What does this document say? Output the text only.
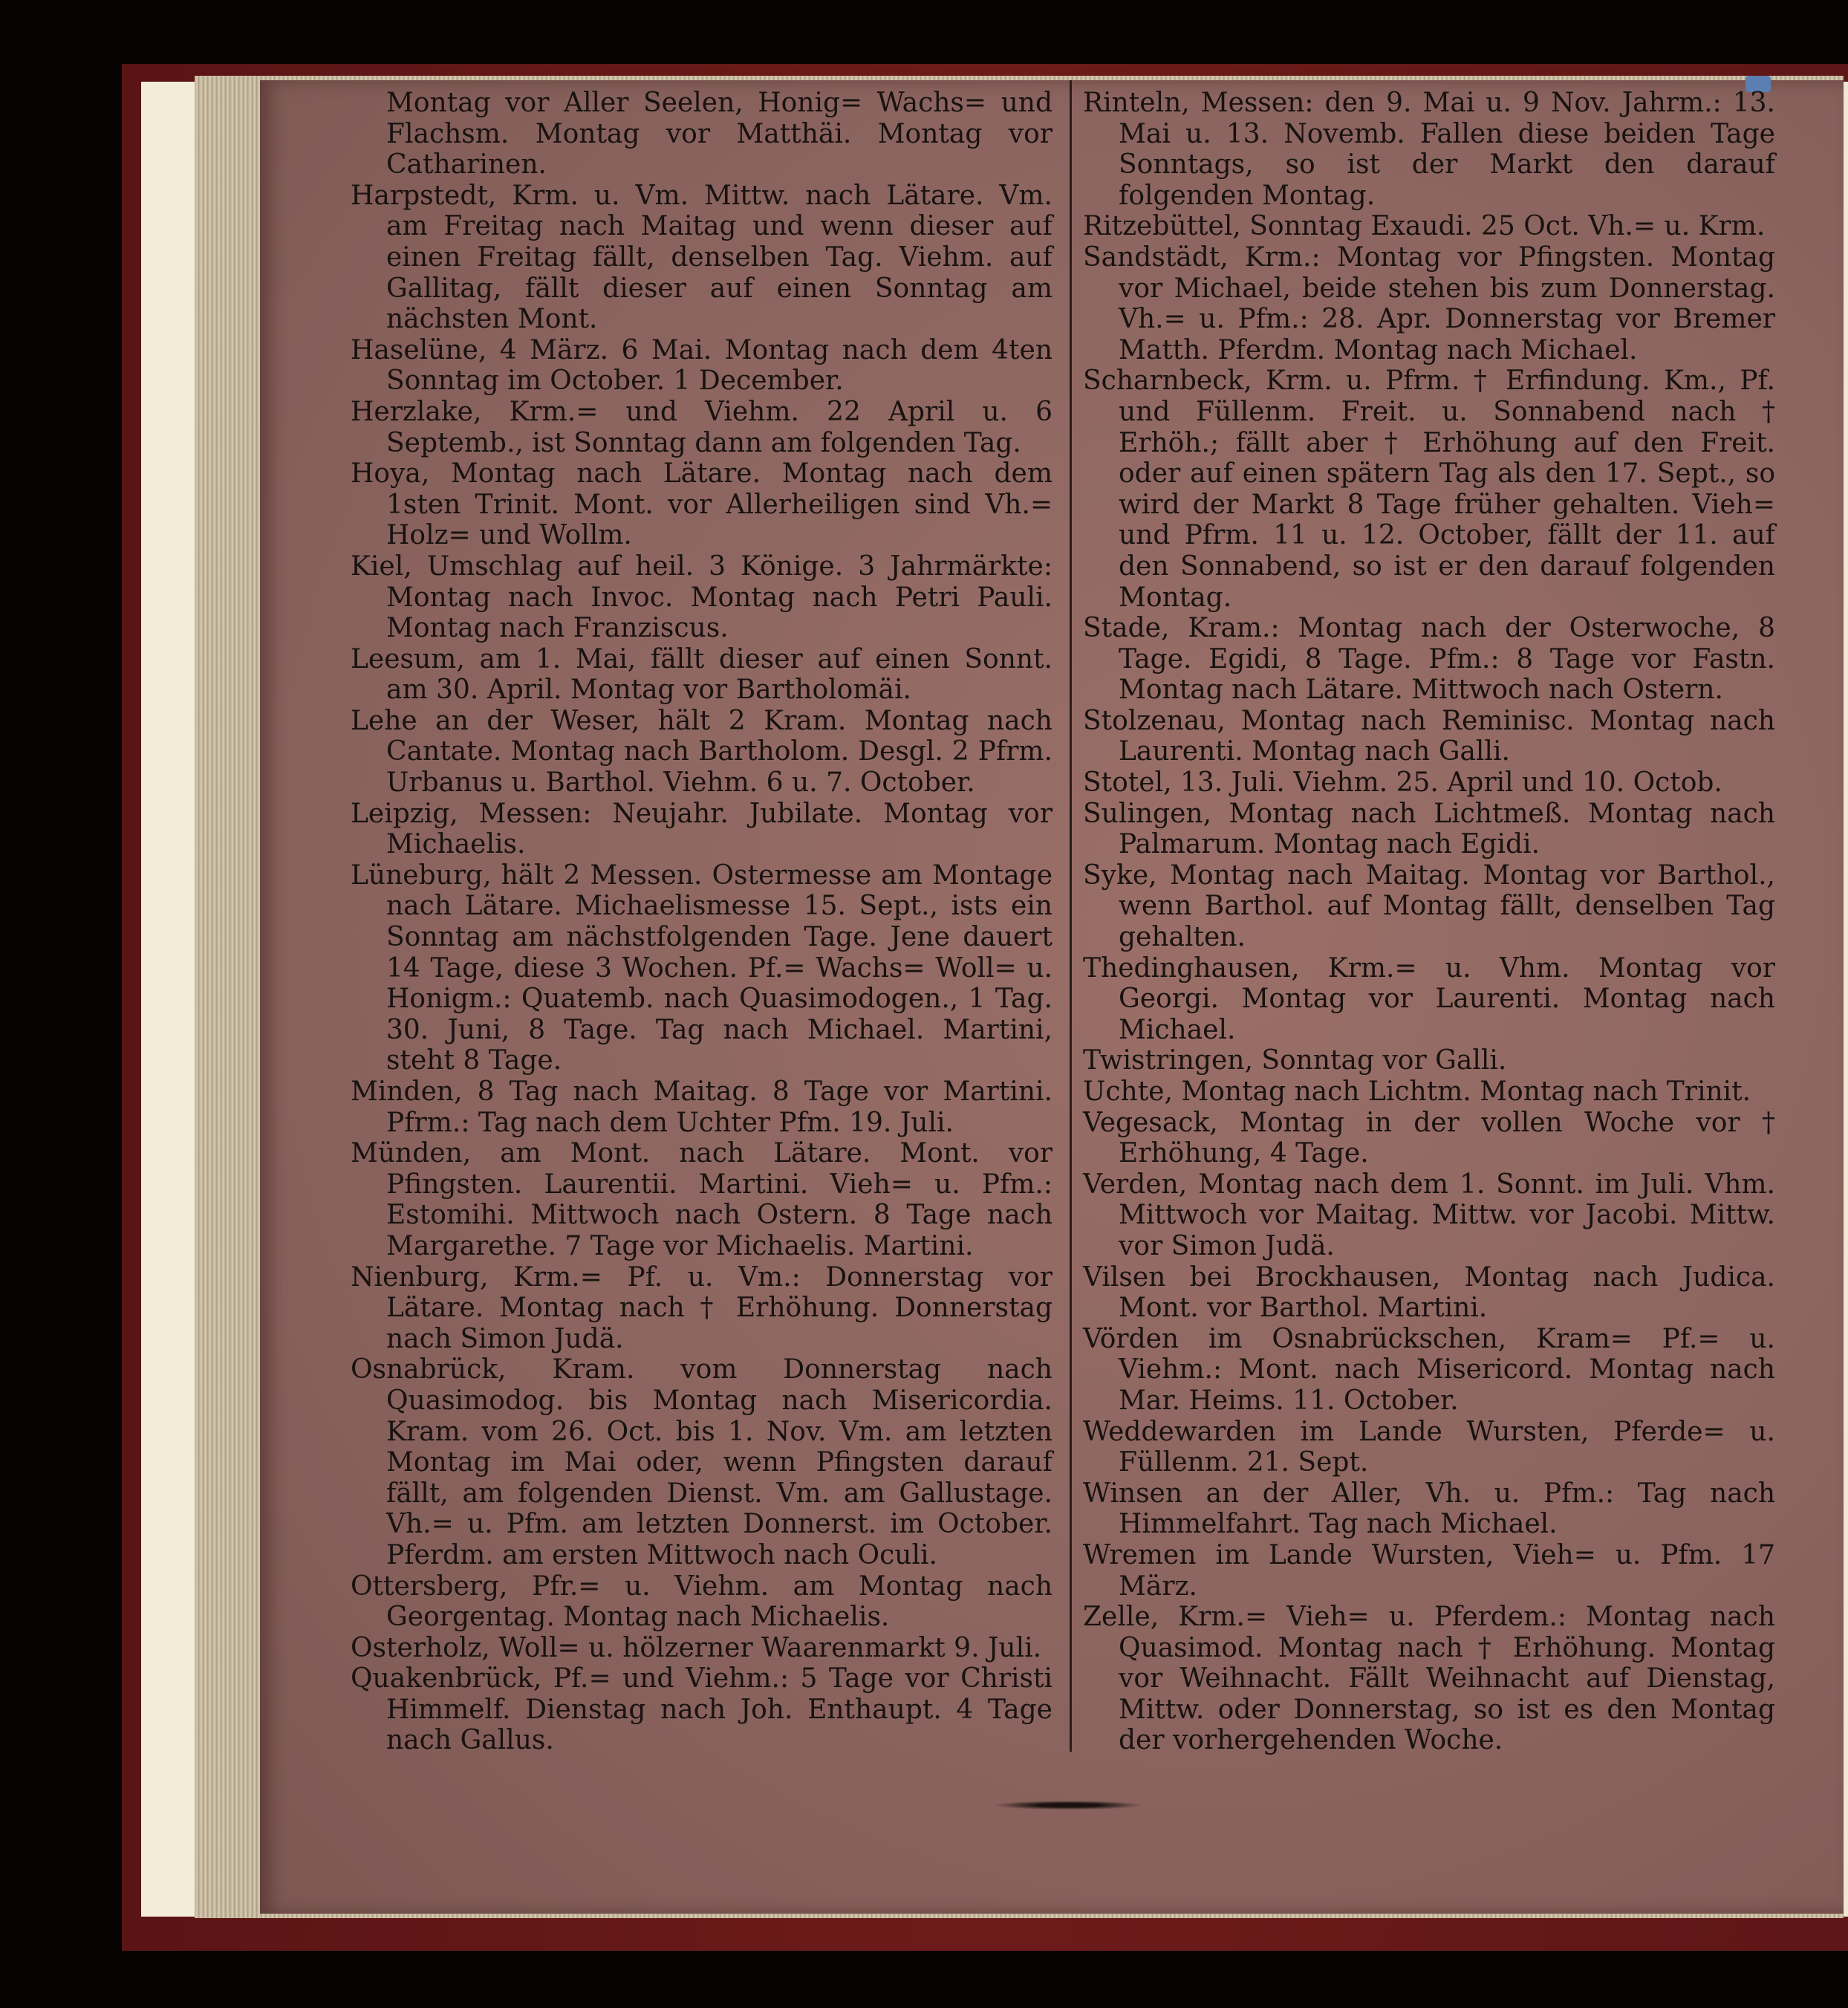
Montag vor Aller Seelen, Honig= Wachs= und Flachsm. Montag vor Matthäi. Montag vor Catharinen.

Harpstedt, Krm. u. Vm. Mittw. nach Lätare. Vm. am Freitag nach Maitag und wenn dieser auf einen Freitag fällt, denselben Tag. Viehm. auf Gallitag, fällt dieser auf einen Sonntag am nächsten Mont.

Haselüne, 4 März. 6 Mai. Montag nach dem 4ten Sonntag im October. 1 December.

Herzlake, Krm.= und Viehm. 22 April u. 6 Septemb., ist Sonntag dann am folgenden Tag.

Hoya, Montag nach Lätare. Montag nach dem 1sten Trinit. Mont. vor Allerheiligen sind Vh.= Holz= und Wollm.

Kiel, Umschlag auf heil. 3 Könige. 3 Jahrmärkte: Montag nach Invoc. Montag nach Petri Pauli. Montag nach Franziscus.

Leesum, am 1. Mai, fällt dieser auf einen Sonnt. am 30. April. Montag vor Bartholomäi.

Lehe an der Weser, hält 2 Kram. Montag nach Cantate. Montag nach Bartholom. Desgl. 2 Pfrm. Urbanus u. Barthol. Viehm. 6 u. 7. October.

Leipzig, Messen: Neujahr. Jubilate. Montag vor Michaelis.

Lüneburg, hält 2 Messen. Ostermesse am Montage nach Lätare. Michaelismesse 15. Sept., ists ein Sonntag am nächstfolgenden Tage. Jene dauert 14 Tage, diese 3 Wochen. Pf.= Wachs= Woll= u. Honigm.: Quatemb. nach Quasimodogen., 1 Tag. 30. Juni, 8 Tage. Tag nach Michael. Martini, steht 8 Tage.

Minden, 8 Tag nach Maitag. 8 Tage vor Martini. Pfrm.: Tag nach dem Uchter Pfm. 19. Juli.

Münden, am Mont. nach Lätare. Mont. vor Pfingsten. Laurentii. Martini. Vieh= u. Pfm.: Estomihi. Mittwoch nach Ostern. 8 Tage nach Margarethe. 7 Tage vor Michaelis. Martini.

Nienburg, Krm.= Pf. u. Vm.: Donnerstag vor Lätare. Montag nach † Erhöhung. Donnerstag nach Simon Judä.

Osnabrück, Kram. vom Donnerstag nach Quasimodog. bis Montag nach Misericordia. Kram. vom 26. Oct. bis 1. Nov. Vm. am letzten Montag im Mai oder, wenn Pfingsten darauf fällt, am folgenden Dienst. Vm. am Gallustage. Vh.= u. Pfm. am letzten Donnerst. im October. Pferdm. am ersten Mittwoch nach Oculi.

Ottersberg, Pfr.= u. Viehm. am Montag nach Georgentag. Montag nach Michaelis.

Osterholz, Woll= u. hölzerner Waarenmarkt 9. Juli.

Quakenbrück, Pf.= und Viehm.: 5 Tage vor Christi Himmelf. Dienstag nach Joh. Enthaupt. 4 Tage nach Gallus.

Rinteln, Messen: den 9. Mai u. 9 Nov. Jahrm.: 13. Mai u. 13. Novemb. Fallen diese beiden Tage Sonntags, so ist der Markt den darauf folgenden Montag.

Ritzebüttel, Sonntag Exaudi. 25 Oct. Vh.= u. Krm.

Sandstädt, Krm.: Montag vor Pfingsten. Montag vor Michael, beide stehen bis zum Donnerstag. Vh.= u. Pfm.: 28. Apr. Donnerstag vor Bremer Matth. Pferdm. Montag nach Michael.

Scharnbeck, Krm. u. Pfrm. † Erfindung. Km., Pf. und Füllenm. Freit. u. Sonnabend nach † Erhöh.; fällt aber † Erhöhung auf den Freit. oder auf einen spätern Tag als den 17. Sept., so wird der Markt 8 Tage früher gehalten. Vieh= und Pfrm. 11 u. 12. October, fällt der 11. auf den Sonnabend, so ist er den darauf folgenden Montag.

Stade, Kram.: Montag nach der Osterwoche, 8 Tage. Egidi, 8 Tage. Pfm.: 8 Tage vor Fastn. Montag nach Lätare. Mittwoch nach Ostern.

Stolzenau, Montag nach Reminisc. Montag nach Laurenti. Montag nach Galli.

Stotel, 13. Juli. Viehm. 25. April und 10. Octob.

Sulingen, Montag nach Lichtmeß. Montag nach Palmarum. Montag nach Egidi.

Syke, Montag nach Maitag. Montag vor Barthol., wenn Barthol. auf Montag fällt, denselben Tag gehalten.

Thedinghausen, Krm.= u. Vhm. Montag vor Georgi. Montag vor Laurenti. Montag nach Michael.

Twistringen, Sonntag vor Galli.

Uchte, Montag nach Lichtm. Montag nach Trinit.

Vegesack, Montag in der vollen Woche vor † Erhöhung, 4 Tage.

Verden, Montag nach dem 1. Sonnt. im Juli. Vhm. Mittwoch vor Maitag. Mittw. vor Jacobi. Mittw. vor Simon Judä.

Vilsen bei Brockhausen, Montag nach Judica. Mont. vor Barthol. Martini.

Vörden im Osnabrückschen, Kram= Pf.= u. Viehm.: Mont. nach Misericord. Montag nach Mar. Heims. 11. October.

Weddewarden im Lande Wursten, Pferde= u. Füllenm. 21. Sept.

Winsen an der Aller, Vh. u. Pfm.: Tag nach Himmelfahrt. Tag nach Michael.

Wremen im Lande Wursten, Vieh= u. Pfm. 17 März.

Zelle, Krm.= Vieh= u. Pferdem.: Montag nach Quasimod. Montag nach † Erhöhung. Montag vor Weihnacht. Fällt Weihnacht auf Dienstag, Mittw. oder Donnerstag, so ist es den Montag der vorhergehenden Woche.
